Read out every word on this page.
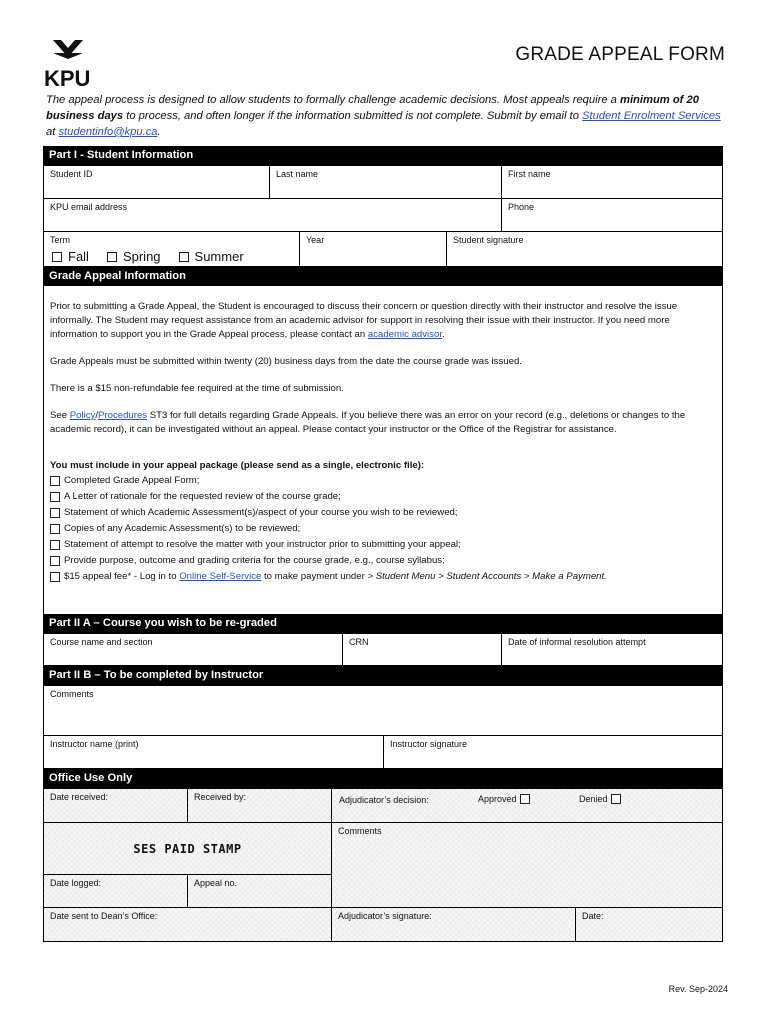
KPU
GRADE APPEAL FORM
The appeal process is designed to allow students to formally challenge academic decisions. Most appeals require a minimum of 20 business days to process, and often longer if the information submitted is not complete. Submit by email to Student Enrolment Services at studentinfo@kpu.ca.
Part I - Student Information
Student ID	Last name	First name
KPU email address	Phone
Term
Fall	Spring	Summer
Year	Student signature
Grade Appeal Information

Prior to submitting a Grade Appeal, the Student is encouraged to discuss their concern or question directly with their instructor and resolve the issue informally. The Student may request assistance from an academic advisor for support in resolving their issue with their instructor. If you need more information to support you in the Grade Appeal process, please contact an academic advisor.

Grade Appeals must be submitted within twenty (20) business days from the date the course grade was issued.

There is a $15 non-refundable fee required at the time of submission.

See Policy/Procedures ST3 for full details regarding Grade Appeals. If you believe there was an error on your record (e.g., deletions or changes to the academic record), it can be investigated without an appeal. Please contact your instructor or the Office of the Registrar for assistance.

You must include in your appeal package (please send as a single, electronic file):
Completed Grade Appeal Form;
A Letter of rationale for the requested review of the course grade;
Statement of which Academic Assessment(s)/aspect of your course you wish to be reviewed;
Copies of any Academic Assessment(s) to be reviewed;
Statement of attempt to resolve the matter with your instructor prior to submitting your appeal;
Provide purpose, outcome and grading criteria for the course grade, e.g., course syllabus;
$15 appeal fee* - Log in to Online Self-Service to make payment under > Student Menu > Student Accounts > Make a Payment.
Part II A – Course you wish to be re-graded
Course name and section	CRN	Date of informal resolution attempt
Part II B – To be completed by Instructor
Comments
Instructor name (print)	Instructor signature
Office Use Only
Date received:	Received by:	Adjudicator’s decision:	Approved	Denied
SES PAID STAMP
Comments
Date logged:	Appeal no.
Date sent to Dean’s Office:	Adjudicator’s signature:	Date:
Rev. Sep-2024
